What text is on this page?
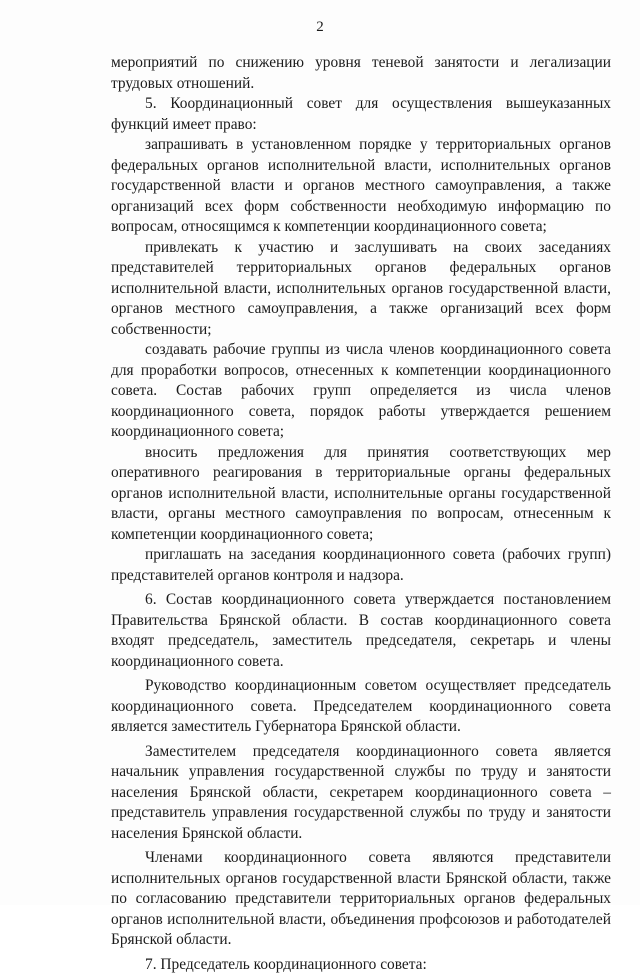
2

мероприятий по снижению уровня теневой занятости и легализации трудовых отношений.

5. Координационный совет для осуществления вышеуказанных функций имеет право:

запрашивать в установленном порядке у территориальных органов федеральных органов исполнительной власти, исполнительных органов государственной власти и органов местного самоуправления, а также организаций всех форм собственности необходимую информацию по вопросам, относящимся к компетенции координационного совета;

привлекать к участию и заслушивать на своих заседаниях представителей территориальных органов федеральных органов исполнительной власти, исполнительных органов государственной власти, органов местного самоуправления, а также организаций всех форм собственности;

создавать рабочие группы из числа членов координационного совета для проработки вопросов, отнесенных к компетенции координационного совета. Состав рабочих групп определяется из числа членов координационного совета, порядок работы утверждается решением координационного совета;

вносить предложения для принятия соответствующих мер оперативного реагирования в территориальные органы федеральных органов исполнительной власти, исполнительные органы государственной власти, органы местного самоуправления по вопросам, отнесенным к компетенции координационного совета;

приглашать на заседания координационного совета (рабочих групп) представителей органов контроля и надзора.

6. Состав координационного совета утверждается постановлением Правительства Брянской области. В состав координационного совета входят председатель, заместитель председателя, секретарь и члены координационного совета.

Руководство координационным советом осуществляет председатель координационного совета. Председателем координационного совета является заместитель Губернатора Брянской области.

Заместителем председателя координационного совета является начальник управления государственной службы по труду и занятости населения Брянской области, секретарем координационного совета – представитель управления государственной службы по труду и занятости населения Брянской области.

Членами координационного совета являются представители исполнительных органов государственной власти Брянской области, также по согласованию представители территориальных органов федеральных органов исполнительной власти, объединения профсоюзов и работодателей Брянской области.

7. Председатель координационного совета:
